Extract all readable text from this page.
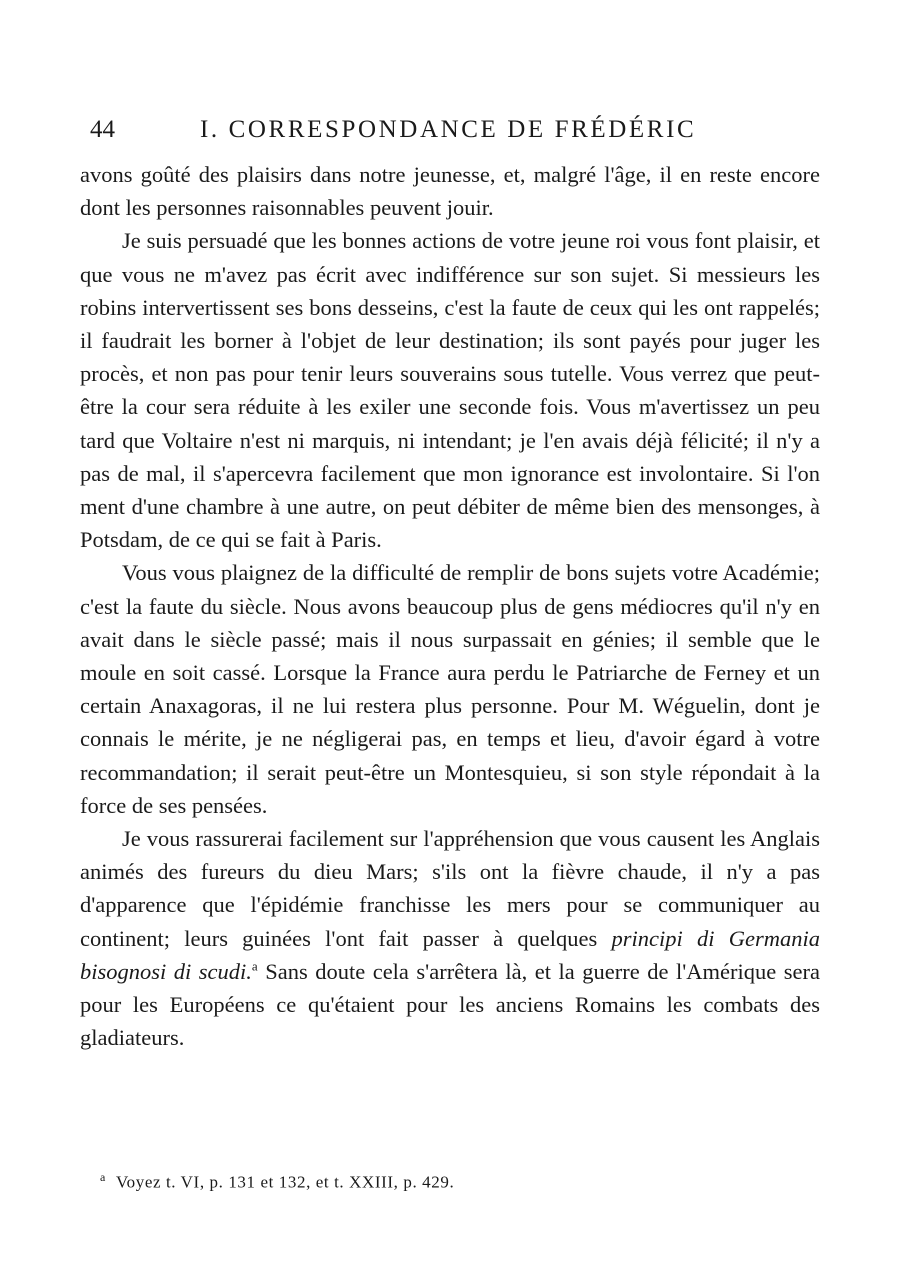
44	I. CORRESPONDANCE DE FRÉDÉRIC

avons goûté des plaisirs dans notre jeunesse, et, malgré l'âge, il en reste encore dont les personnes raisonnables peuvent jouir.

Je suis persuadé que les bonnes actions de votre jeune roi vous font plaisir, et que vous ne m'avez pas écrit avec indifférence sur son sujet. Si messieurs les robins intervertissent ses bons desseins, c'est la faute de ceux qui les ont rappelés; il faudrait les borner à l'objet de leur destination; ils sont payés pour juger les procès, et non pas pour tenir leurs souverains sous tutelle. Vous verrez que peut-être la cour sera réduite à les exiler une seconde fois. Vous m'avertissez un peu tard que Voltaire n'est ni marquis, ni intendant; je l'en avais déjà félicité; il n'y a pas de mal, il s'apercevra facilement que mon ignorance est involontaire. Si l'on ment d'une chambre à une autre, on peut débiter de même bien des mensonges, à Potsdam, de ce qui se fait à Paris.

Vous vous plaignez de la difficulté de remplir de bons sujets votre Académie; c'est la faute du siècle. Nous avons beaucoup plus de gens médiocres qu'il n'y en avait dans le siècle passé; mais il nous surpassait en génies; il semble que le moule en soit cassé. Lorsque la France aura perdu le Patriarche de Ferney et un certain Anaxagoras, il ne lui restera plus personne. Pour M. Wéguelin, dont je connais le mérite, je ne négligerai pas, en temps et lieu, d'avoir égard à votre recommandation; il serait peut-être un Montesquieu, si son style répondait à la force de ses pensées.

Je vous rassurerai facilement sur l'appréhension que vous causent les Anglais animés des fureurs du dieu Mars; s'ils ont la fièvre chaude, il n'y a pas d'apparence que l'épidémie franchisse les mers pour se communiquer au continent; leurs guinées l'ont fait passer à quelques principi di Germania bisognosi di scudi.$^a$ Sans doute cela s'arrêtera là, et la guerre de l'Amérique sera pour les Européens ce qu'étaient pour les anciens Romains les combats des gladiateurs.

$^a$ Voyez t. VI, p. 131 et 132, et t. XXIII, p. 429.
